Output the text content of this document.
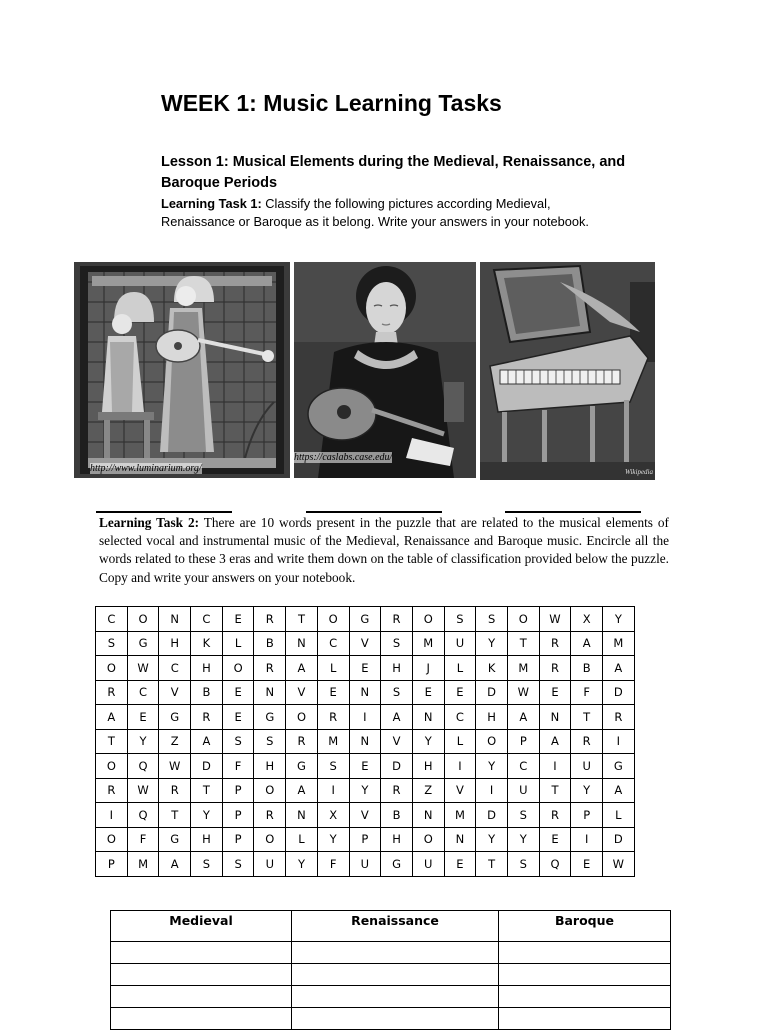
WEEK 1: Music Learning Tasks
Lesson 1: Musical Elements during the Medieval, Renaissance, and Baroque Periods

Learning Task 1: Classify the following pictures according Medieval, Renaissance or Baroque as it belong. Write your answers in your notebook.

http://www.luminarium.org/
https://caslabs.case.edu/
Wikipedia

Learning Task 2: There are 10 words present in the puzzle that are related to the musical elements of selected vocal and instrumental music of the Medieval, Renaissance and Baroque music. Encircle all the words related to these 3 eras and write them down on the table of classification provided below the puzzle. Copy and write your answers on your notebook.

C	O	N	C	E	R	T	O	G	R	O	S	S	O	W	X	Y
S	G	H	K	L	B	N	C	V	S	M	U	Y	T	R	A	M
O	W	C	H	O	R	A	L	E	H	J	L	K	M	R	B	A
R	C	V	B	E	N	V	E	N	S	E	E	D	W	E	F	D
A	E	G	R	E	G	O	R	I	A	N	C	H	A	N	T	R
T	Y	Z	A	S	S	R	M	N	V	Y	L	O	P	A	R	I
O	Q	W	D	F	H	G	S	E	D	H	I	Y	C	I	U	G
R	W	R	T	P	O	A	I	Y	R	Z	V	I	U	T	Y	A
I	Q	T	Y	P	R	N	X	V	B	N	M	D	S	R	P	L
O	F	G	H	P	O	L	Y	P	H	O	N	Y	Y	E	I	D
P	M	A	S	S	U	Y	F	U	G	U	E	T	S	Q	E	W
Medieval	Renaissance	Baroque
